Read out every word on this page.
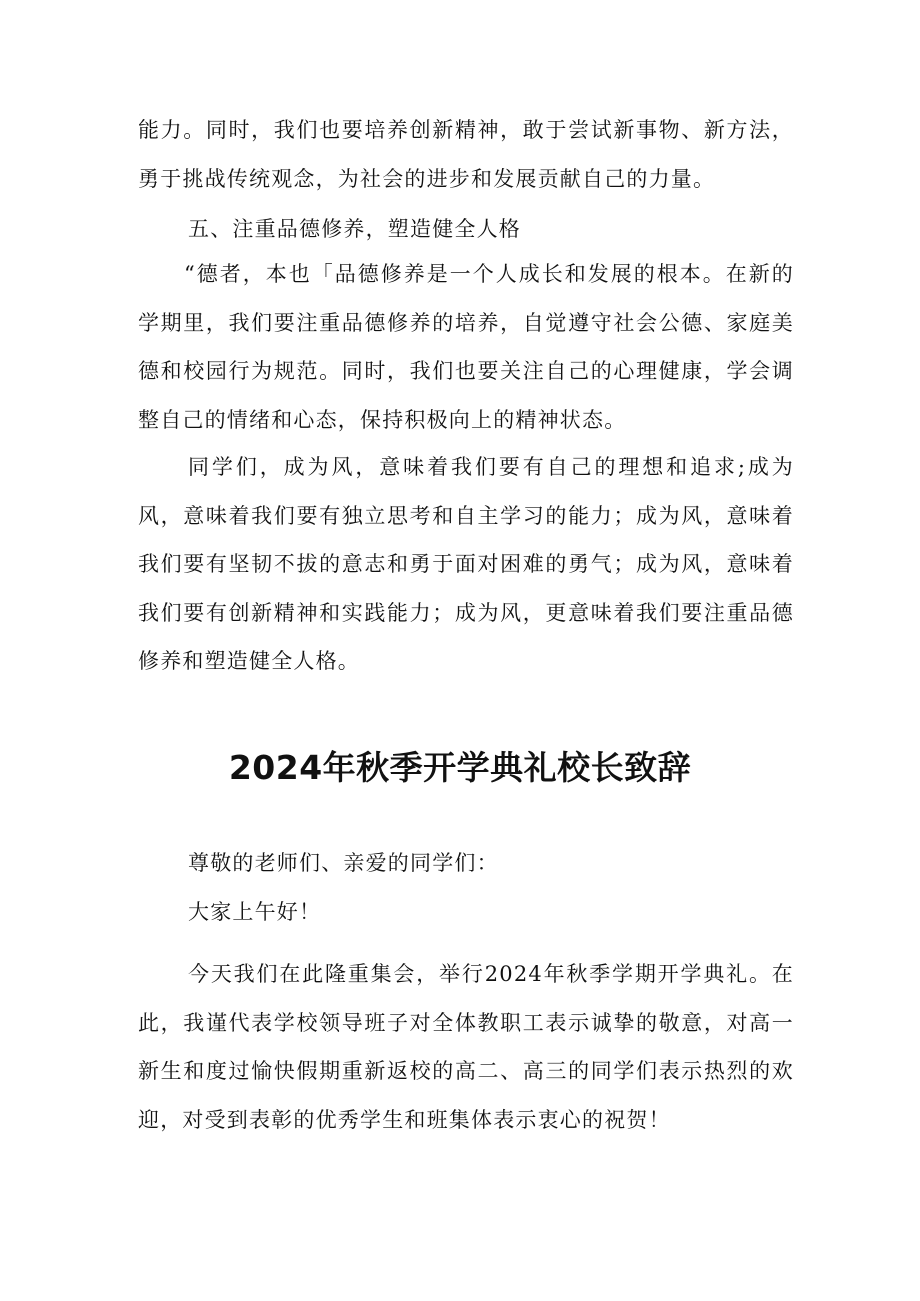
能力。同时，我们也要培养创新精神，敢于尝试新事物、新方法，勇于挑战传统观念，为社会的进步和发展贡献自己的力量。

五、注重品德修养，塑造健全人格

“德者，本也「品德修养是一个人成长和发展的根本。在新的学期里，我们要注重品德修养的培养，自觉遵守社会公德、家庭美德和校园行为规范。同时，我们也要关注自己的心理健康，学会调整自己的情绪和心态，保持积极向上的精神状态。

同学们，成为风，意味着我们要有自己的理想和追求;成为风，意味着我们要有独立思考和自主学习的能力；成为风，意味着我们要有坚韧不拔的意志和勇于面对困难的勇气；成为风，意味着我们要有创新精神和实践能力；成为风，更意味着我们要注重品德修养和塑造健全人格。

2024年秋季开学典礼校长致辞

尊敬的老师们、亲爱的同学们：

大家上午好！

今天我们在此隆重集会，举行2024年秋季学期开学典礼。在此，我谨代表学校领导班子对全体教职工表示诚挚的敬意，对高一新生和度过愉快假期重新返校的高二、高三的同学们表示热烈的欢迎，对受到表彰的优秀学生和班集体表示衷心的祝贺！
